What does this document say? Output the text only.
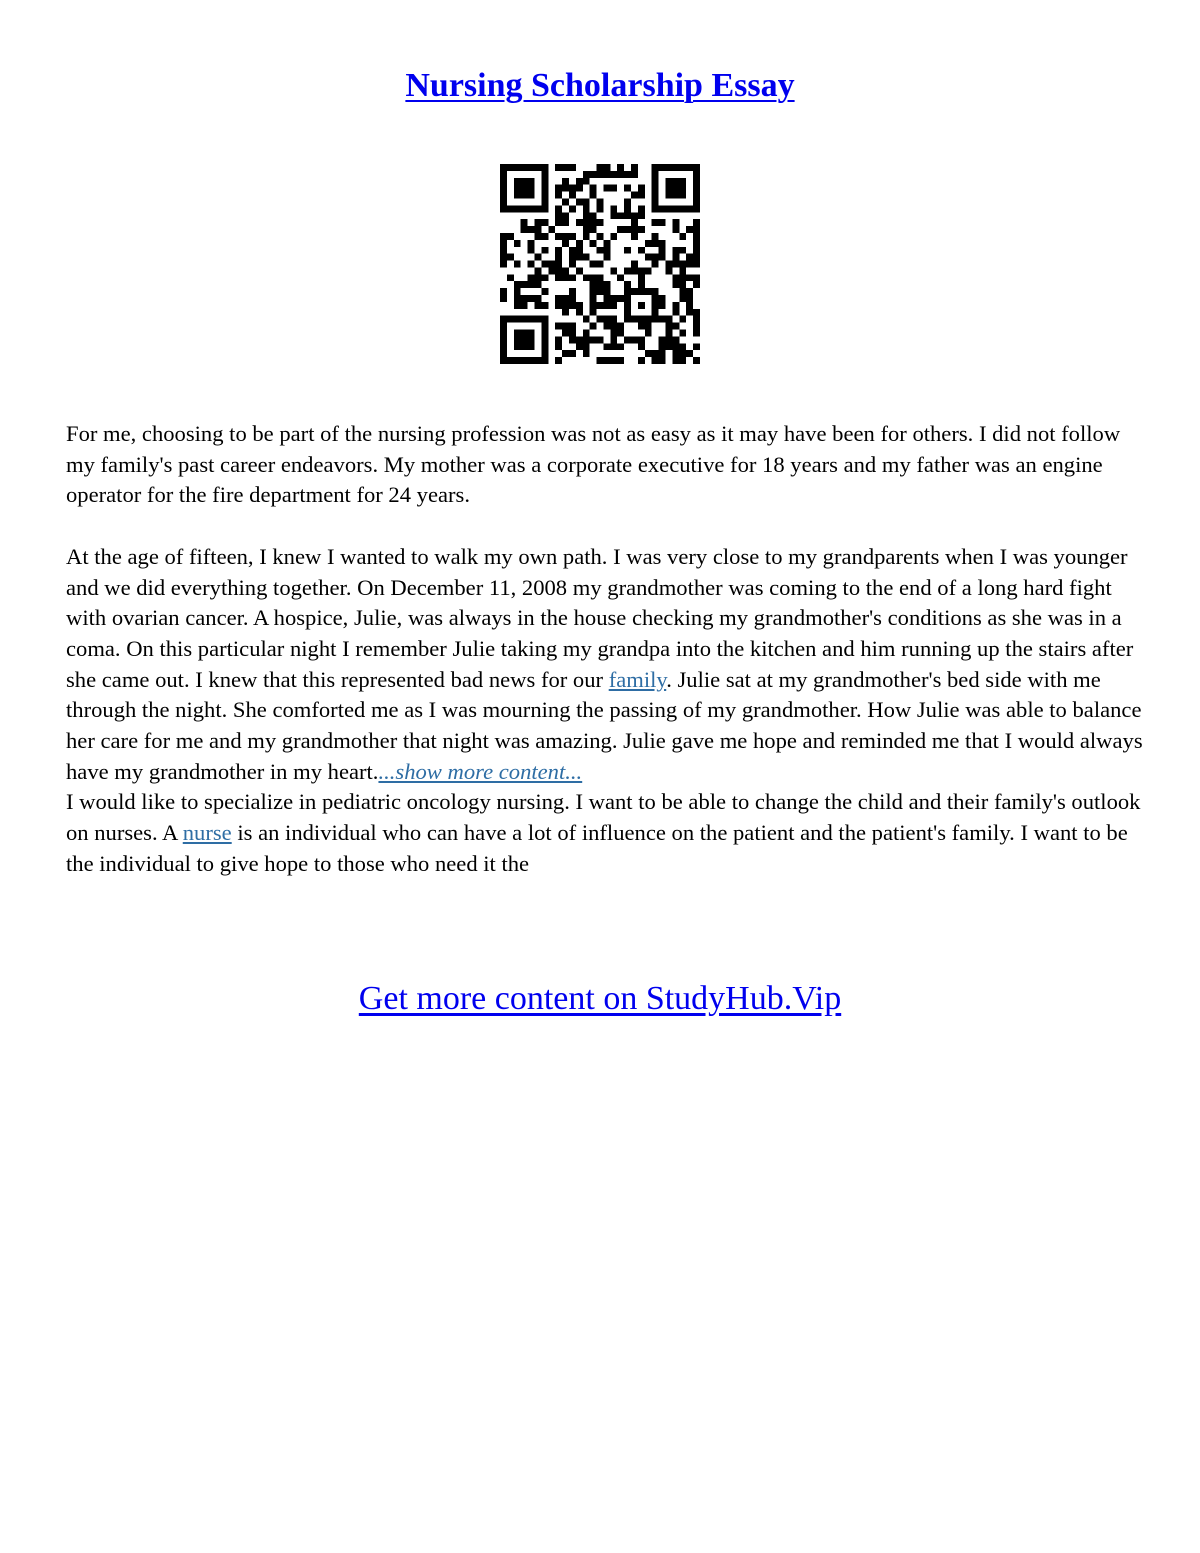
Nursing Scholarship Essay

For me, choosing to be part of the nursing profession was not as easy as it may have been for others. I did not follow my family's past career endeavors. My mother was a corporate executive for 18 years and my father was an engine operator for the fire department for 24 years.

At the age of fifteen, I knew I wanted to walk my own path. I was very close to my grandparents when I was younger and we did everything together. On December 11, 2008 my grandmother was coming to the end of a long hard fight with ovarian cancer. A hospice, Julie, was always in the house checking my grandmother's conditions as she was in a coma. On this particular night I remember Julie taking my grandpa into the kitchen and him running up the stairs after she came out. I knew that this represented bad news for our family. Julie sat at my grandmother's bed side with me through the night. She comforted me as I was mourning the passing of my grandmother. How Julie was able to balance her care for me and my grandmother that night was amazing. Julie gave me hope and reminded me that I would always have my grandmother in my heart....show more content...

I would like to specialize in pediatric oncology nursing. I want to be able to change the child and their family's outlook on nurses. A nurse is an individual who can have a lot of influence on the patient and the patient's family. I want to be the individual to give hope to those who need it the

Get more content on StudyHub.Vip
